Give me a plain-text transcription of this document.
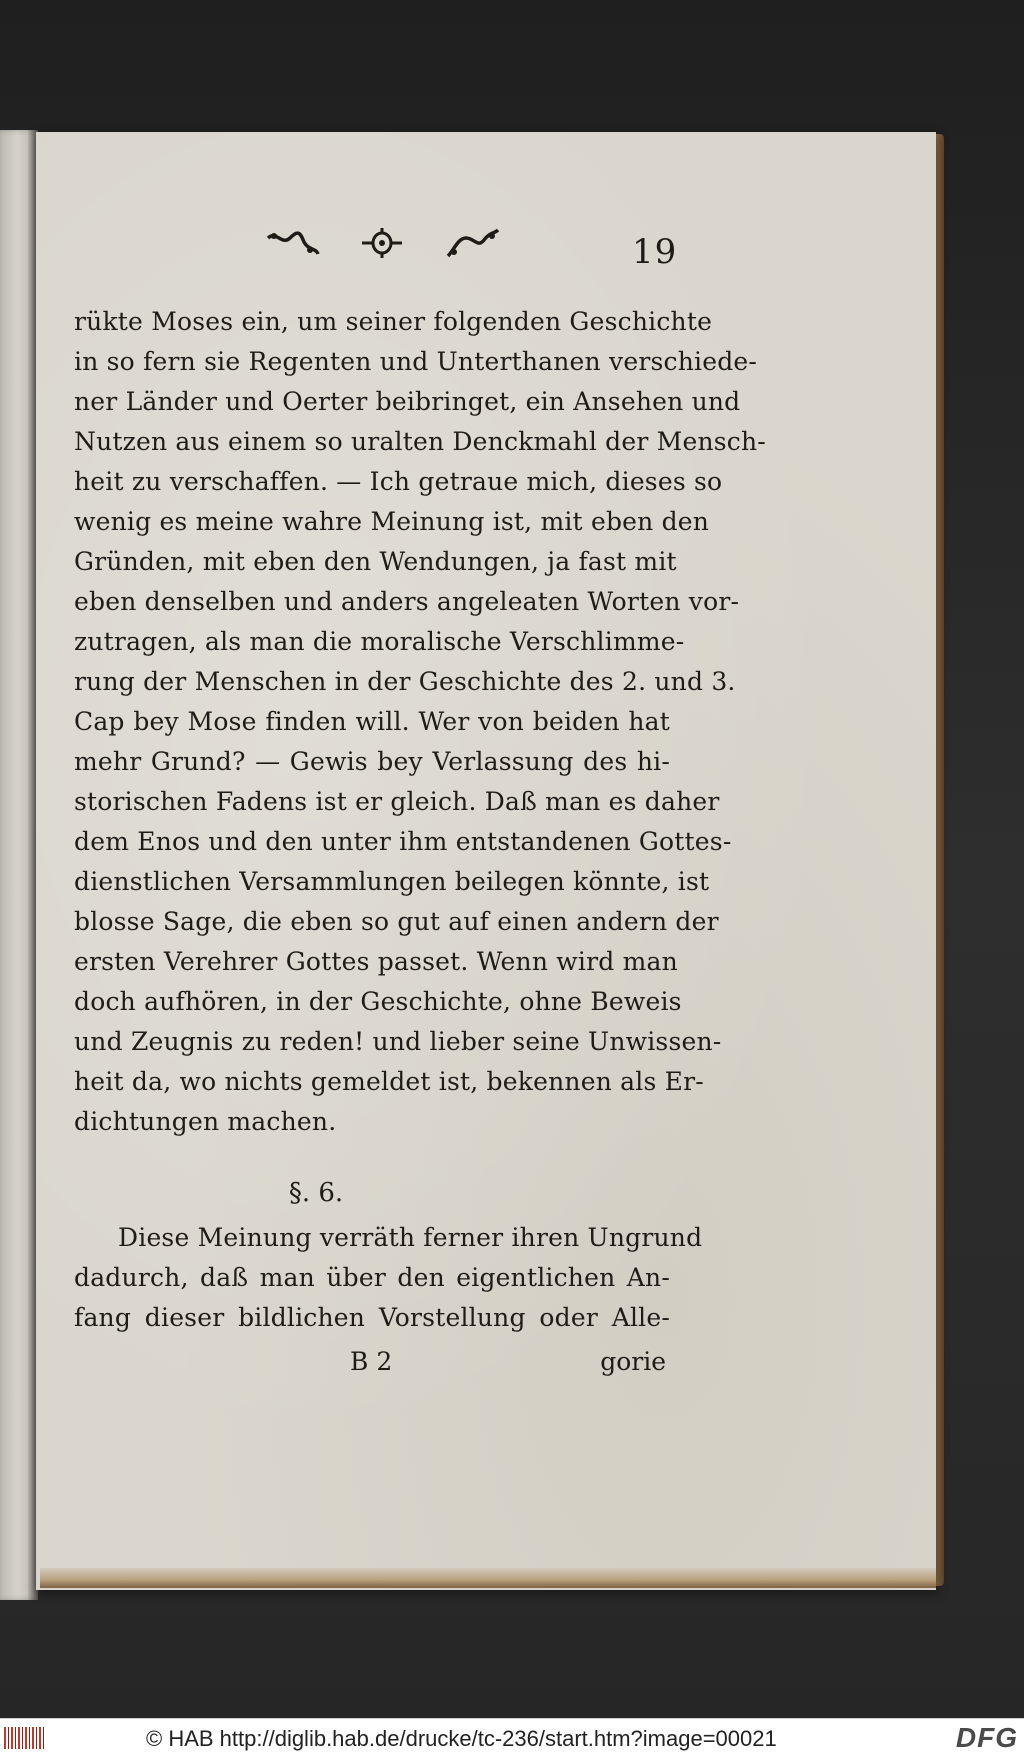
19
rükte Moses ein, um seiner folgenden Geschichte
in so fern sie Regenten und Unterthanen verschiede-
ner Länder und Oerter beibringet, ein Ansehen und
Nutzen aus einem so uralten Denckmahl der Mensch-
heit zu verschaffen. — Ich getraue mich, dieses so
wenig es meine wahre Meinung ist, mit eben den
Gründen, mit eben den Wendungen, ja fast mit
eben denselben und anders angeleaten Worten vor-
zutragen, als man die moralische Verschlimme-
rung der Menschen in der Geschichte des 2. und 3.
Cap bey Mose finden will. Wer von beiden hat
mehr Grund? — Gewis bey Verlassung des hi-
storischen Fadens ist er gleich. Daß man es daher
dem Enos und den unter ihm entstandenen Gottes-
dienstlichen Versammlungen beilegen könnte, ist
blosse Sage, die eben so gut auf einen andern der
ersten Verehrer Gottes passet. Wenn wird man
doch aufhören, in der Geschichte, ohne Beweis
und Zeugnis zu reden! und lieber seine Unwissen-
heit da, wo nichts gemeldet ist, bekennen als Er-
dichtungen machen.
§. 6.
Diese Meinung verräth ferner ihren Ungrund
dadurch, daß man über den eigentlichen An-
fang dieser bildlichen Vorstellung oder Alle-
B 2	gorie
© HAB http://diglib.hab.de/drucke/tc-236/start.htm?image=00021	DFG
